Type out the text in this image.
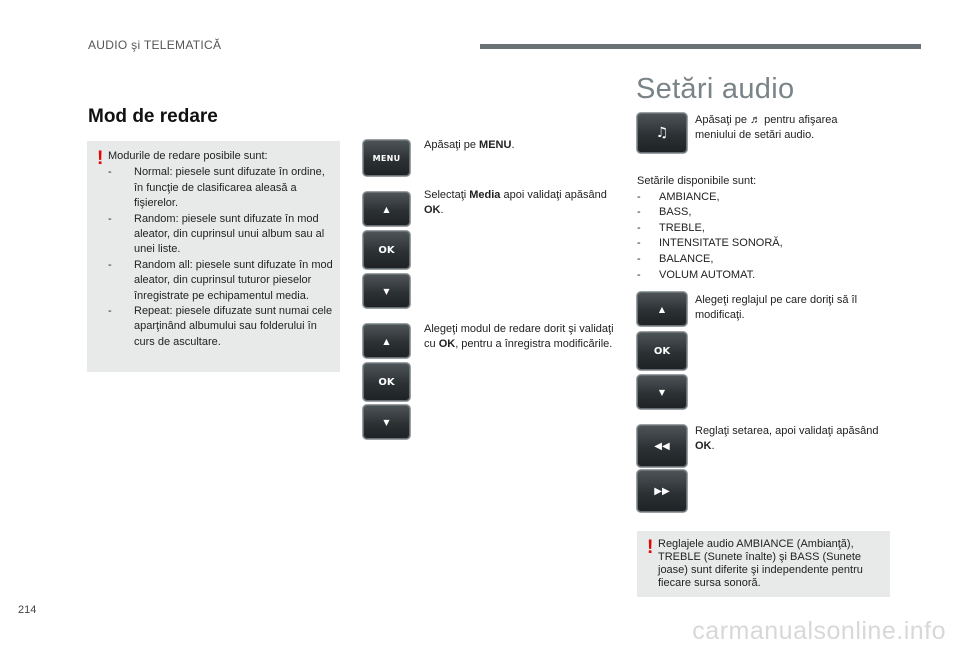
AUDIO şi TELEMATICĂ
Mod de redare
! Modurile de redare posibile sunt:

- Normal: piesele sunt difuzate în ordine, în funcţie de clasificarea aleasă a fişierelor.
- Random: piesele sunt difuzate în mod aleator, din cuprinsul unui album sau al unei liste.
- Random all: piesele sunt difuzate în mod aleator, din cuprinsul tuturor pieselor înregistrate pe echipamentul media.
- Repeat: piesele difuzate sunt numai cele aparţinând albumului sau folderului în curs de ascultare.
MENU
▲
OK
▼
▲
OK
▼
Apăsaţi pe MENU.
Selectaţi Media apoi validaţi apăsând OK.
Alegeţi modul de redare dorit şi validaţi cu OK, pentru a înregistra modificările.
Setări audio
♫
Apăsaţi pe ♬ pentru afişarea meniului de setări audio.
Setările disponibile sunt:
- AMBIANCE,
- BASS,
- TREBLE,
- INTENSITATE SONORĂ,
- BALANCE,
- VOLUM AUTOMAT.
▲
OK
▼
Alegeţi reglajul pe care doriţi să îl modificaţi.
◀◀
▶▶
Reglaţi setarea, apoi validaţi apăsând OK.
! Reglajele audio AMBIANCE (Ambianţă), TREBLE (Sunete înalte) şi BASS (Sunete joase) sunt diferite şi independente pentru fiecare sursa sonoră.
214
carmanualsonline.info
